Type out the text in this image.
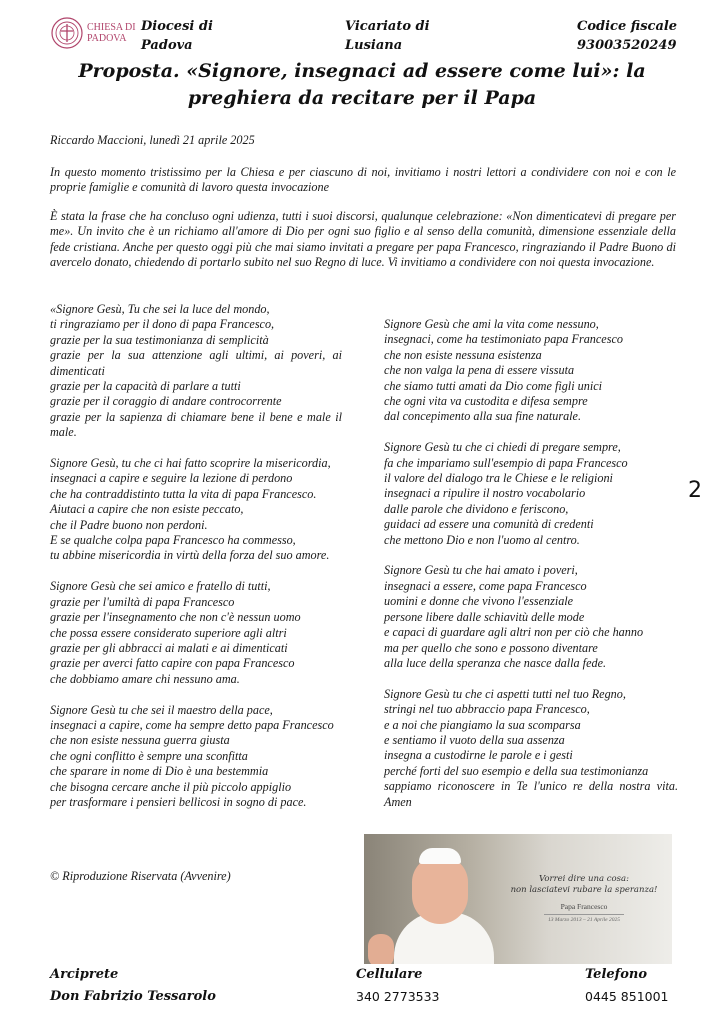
CHIESA DI
PADOVA
Diocesi di
Padova
Vicariato di
Lusiana
Codice fiscale
93003520249
Proposta. «Signore, insegnaci ad essere come lui»: la preghiera da recitare per il Papa
Riccardo Maccioni, lunedì 21 aprile 2025
In questo momento tristissimo per la Chiesa e per ciascuno di noi, invitiamo i nostri lettori a condividere con noi e con le proprie famiglie e comunità di lavoro questa invocazione
È stata la frase che ha concluso ogni udienza, tutti i suoi discorsi, qualunque celebrazione: «Non dimenticatevi di pregare per me». Un invito che è un richiamo all'amore di Dio per ogni suo figlio e al senso della comunità, dimensione essenziale della fede cristiana. Anche per questo oggi più che mai siamo invitati a pregare per papa Francesco, ringraziando il Padre Buono di avercelo donato, chiedendo di portarlo subito nel suo Regno di luce. Vi invitiamo a condividere con noi questa invocazione.

«Signore Gesù, Tu che sei la luce del mondo,
ti ringraziamo per il dono di papa Francesco,
grazie per la sua testimonianza di semplicità
grazie per la sua attenzione agli ultimi, ai poveri, ai dimenticati
grazie per la capacità di parlare a tutti
grazie per il coraggio di andare controcorrente
grazie per la sapienza di chiamare bene il bene e male il male.

Signore Gesù, tu che ci hai fatto scoprire la misericordia,
insegnaci a capire e seguire la lezione di perdono
che ha contraddistinto tutta la vita di papa Francesco.
Aiutaci a capire che non esiste peccato,
che il Padre buono non perdoni.
E se qualche colpa papa Francesco ha commesso,
tu abbine misericordia in virtù della forza del suo amore.

Signore Gesù che sei amico e fratello di tutti,
grazie per l'umiltà di papa Francesco
grazie per l'insegnamento che non c'è nessun uomo
che possa essere considerato superiore agli altri
grazie per gli abbracci ai malati e ai dimenticati
grazie per averci fatto capire con papa Francesco
che dobbiamo amare chi nessuno ama.

Signore Gesù tu che sei il maestro della pace,
insegnaci a capire, come ha sempre detto papa Francesco
che non esiste nessuna guerra giusta
che ogni conflitto è sempre una sconfitta
che sparare in nome di Dio è una bestemmia
che bisogna cercare anche il più piccolo appiglio
per trasformare i pensieri bellicosi in sogno di pace.

© Riproduzione Riservata (Avvenire)

Signore Gesù che ami la vita come nessuno,
insegnaci, come ha testimoniato papa Francesco
che non esiste nessuna esistenza
che non valga la pena di essere vissuta
che siamo tutti amati da Dio come figli unici
che ogni vita va custodita e difesa sempre
dal concepimento alla sua fine naturale.

Signore Gesù tu che ci chiedi di pregare sempre,
fa che impariamo sull'esempio di papa Francesco
il valore del dialogo tra le Chiese e le religioni
insegnaci a ripulire il nostro vocabolario
dalle parole che dividono e feriscono,
guidaci ad essere una comunità di credenti
che mettono Dio e non l'uomo al centro.

Signore Gesù tu che hai amato i poveri,
insegnaci a essere, come papa Francesco
uomini e donne che vivono l'essenziale
persone libere dalle schiavitù delle mode
e capaci di guardare agli altri non per ciò che hanno
ma per quello che sono e possono diventare
alla luce della speranza che nasce dalla fede.

Signore Gesù tu che ci aspetti tutti nel tuo Regno,
stringi nel tuo abbraccio papa Francesco,
e a noi che piangiamo la sua scomparsa
e sentiamo il vuoto della sua assenza
insegna a custodirne le parole e i gesti
perché forti del suo esempio e della sua testimonianza
sappiamo riconoscere in Te l'unico re della nostra vita. Amen

2
Vorrei dire una cosa:
non lasciatevi rubare la speranza!
Papa Francesco
13 Marzo 2013 – 21 Aprile 2025
Arciprete
Don Fabrizio Tessarolo
Cellulare
340 2773533
Telefono
0445 851001
